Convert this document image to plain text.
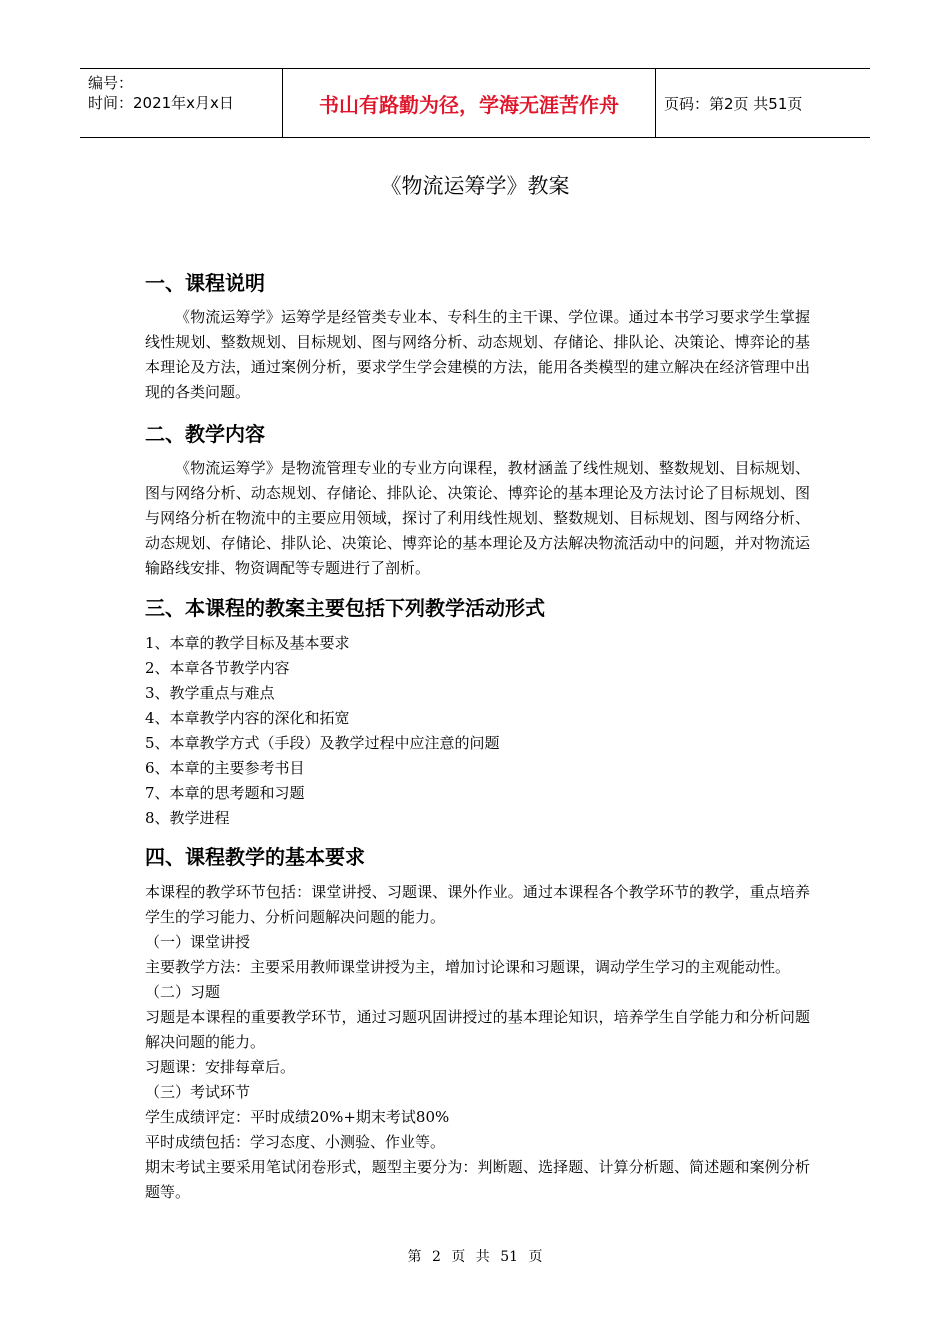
编号：
时间：2021年x月x日	书山有路勤为径，学海无涯苦作舟	页码：第2页 共51页
《物流运筹学》教案
一、课程说明

《物流运筹学》运筹学是经管类专业本、专科生的主干课、学位课。通过本书学习要求学生掌握线性规划、整数规划、目标规划、图与网络分析、动态规划、存储论、排队论、决策论、博弈论的基本理论及方法，通过案例分析，要求学生学会建模的方法，能用各类模型的建立解决在经济管理中出现的各类问题。

二、教学内容

《物流运筹学》是物流管理专业的专业方向课程，教材涵盖了线性规划、整数规划、目标规划、图与网络分析、动态规划、存储论、排队论、决策论、博弈论的基本理论及方法讨论了目标规划、图与网络分析在物流中的主要应用领域，探讨了利用线性规划、整数规划、目标规划、图与网络分析、动态规划、存储论、排队论、决策论、博弈论的基本理论及方法解决物流活动中的问题，并对物流运输路线安排、物资调配等专题进行了剖析。

三、本课程的教案主要包括下列教学活动形式
1、本章的教学目标及基本要求
2、本章各节教学内容
3、教学重点与难点
4、本章教学内容的深化和拓宽
5、本章教学方式（手段）及教学过程中应注意的问题
6、本章的主要参考书目
7、本章的思考题和习题
8、教学进程
四、课程教学的基本要求

本课程的教学环节包括：课堂讲授、习题课、课外作业。通过本课程各个教学环节的教学，重点培养学生的学习能力、分析问题解决问题的能力。

（一）课堂讲授

主要教学方法：主要采用教师课堂讲授为主，增加讨论课和习题课，调动学生学习的主观能动性。

（二）习题

习题是本课程的重要教学环节，通过习题巩固讲授过的基本理论知识，培养学生自学能力和分析问题解决问题的能力。

习题课：安排每章后。
（三）考试环节
学生成绩评定：平时成绩20%+期末考试80%
平时成绩包括：学习态度、小测验、作业等。

期末考试主要采用笔试闭卷形式，题型主要分为：判断题、选择题、计算分析题、简述题和案例分析题等。

第 2 页 共 51 页
